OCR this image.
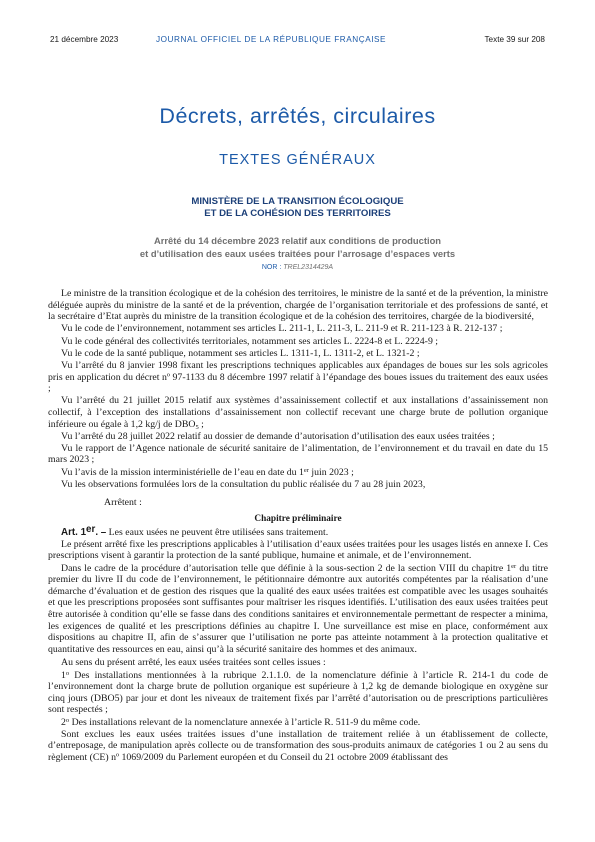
21 décembre 2023	JOURNAL OFFICIEL DE LA RÉPUBLIQUE FRANÇAISE	Texte 39 sur 208
Décrets, arrêtés, circulaires
TEXTES GÉNÉRAUX
MINISTÈRE DE LA TRANSITION ÉCOLOGIQUE
ET DE LA COHÉSION DES TERRITOIRES
Arrêté du 14 décembre 2023 relatif aux conditions de production
et d’utilisation des eaux usées traitées pour l’arrosage d’espaces verts
NOR : TREL2314429A

Le ministre de la transition écologique et de la cohésion des territoires, le ministre de la santé et de la prévention, la ministre déléguée auprès du ministre de la santé et de la prévention, chargée de l’organisation territoriale et des professions de santé, et la secrétaire d’Etat auprès du ministre de la transition écologique et de la cohésion des territoires, chargée de la biodiversité,

Vu le code de l’environnement, notamment ses articles L. 211-1, L. 211-3, L. 211-9 et R. 211-123 à R. 212-137 ;

Vu le code général des collectivités territoriales, notamment ses articles L. 2224-8 et L. 2224-9 ;

Vu le code de la santé publique, notamment ses articles L. 1311-1, L. 1311-2, et L. 1321-2 ;

Vu l’arrêté du 8 janvier 1998 fixant les prescriptions techniques applicables aux épandages de boues sur les sols agricoles pris en application du décret nº 97-1133 du 8 décembre 1997 relatif à l’épandage des boues issues du traitement des eaux usées ;

Vu l’arrêté du 21 juillet 2015 relatif aux systèmes d’assainissement collectif et aux installations d’assainissement non collectif, à l’exception des installations d’assainissement non collectif recevant une charge brute de pollution organique inférieure ou égale à 1,2 kg/j de $DBO_5$ ;

Vu l’arrêté du 28 juillet 2022 relatif au dossier de demande d’autorisation d’utilisation des eaux usées traitées ;

Vu le rapport de l’Agence nationale de sécurité sanitaire de l’alimentation, de l’environnement et du travail en date du 15 mars 2023 ;

Vu l’avis de la mission interministérielle de l’eau en date du 1er juin 2023 ;

Vu les observations formulées lors de la consultation du public réalisée du 7 au 28 juin 2023,

Arrêtent :

Chapitre préliminaire

Art. 1er. – Les eaux usées ne peuvent être utilisées sans traitement.

Le présent arrêté fixe les prescriptions applicables à l’utilisation d’eaux usées traitées pour les usages listés en annexe I. Ces prescriptions visent à garantir la protection de la santé publique, humaine et animale, et de l’environnement.

Dans le cadre de la procédure d’autorisation telle que définie à la sous-section 2 de la section VIII du chapitre 1er du titre premier du livre II du code de l’environnement, le pétitionnaire démontre aux autorités compétentes par la réalisation d’une démarche d’évaluation et de gestion des risques que la qualité des eaux usées traitées est compatible avec les usages souhaités et que les prescriptions proposées sont suffisantes pour maîtriser les risques identifiés. L’utilisation des eaux usées traitées peut être autorisée à condition qu’elle se fasse dans des conditions sanitaires et environnementale permettant de respecter a minima, les exigences de qualité et les prescriptions définies au chapitre I. Une surveillance est mise en place, conformément aux dispositions au chapitre II, afin de s’assurer que l’utilisation ne porte pas atteinte notamment à la protection qualitative et quantitative des ressources en eau, ainsi qu’à la sécurité sanitaire des hommes et des animaux.

Au sens du présent arrêté, les eaux usées traitées sont celles issues :

1$^o$ Des installations mentionnées à la rubrique 2.1.1.0. de la nomenclature définie à l’article R. 214-1 du code de l’environnement dont la charge brute de pollution organique est supérieure à 1,2 kg de demande biologique en oxygène sur cinq jours (DBO5) par jour et dont les niveaux de traitement fixés par l’arrêté d’autorisation ou de prescriptions particulières sont respectés ;

2$^o$ Des installations relevant de la nomenclature annexée à l’article R. 511-9 du même code.

Sont exclues les eaux usées traitées issues d’une installation de traitement reliée à un établissement de collecte, d’entreposage, de manipulation après collecte ou de transformation des sous-produits animaux de catégories 1 ou 2 au sens du règlement (CE) nº 1069/2009 du Parlement européen et du Conseil du 21 octobre 2009 établissant des
